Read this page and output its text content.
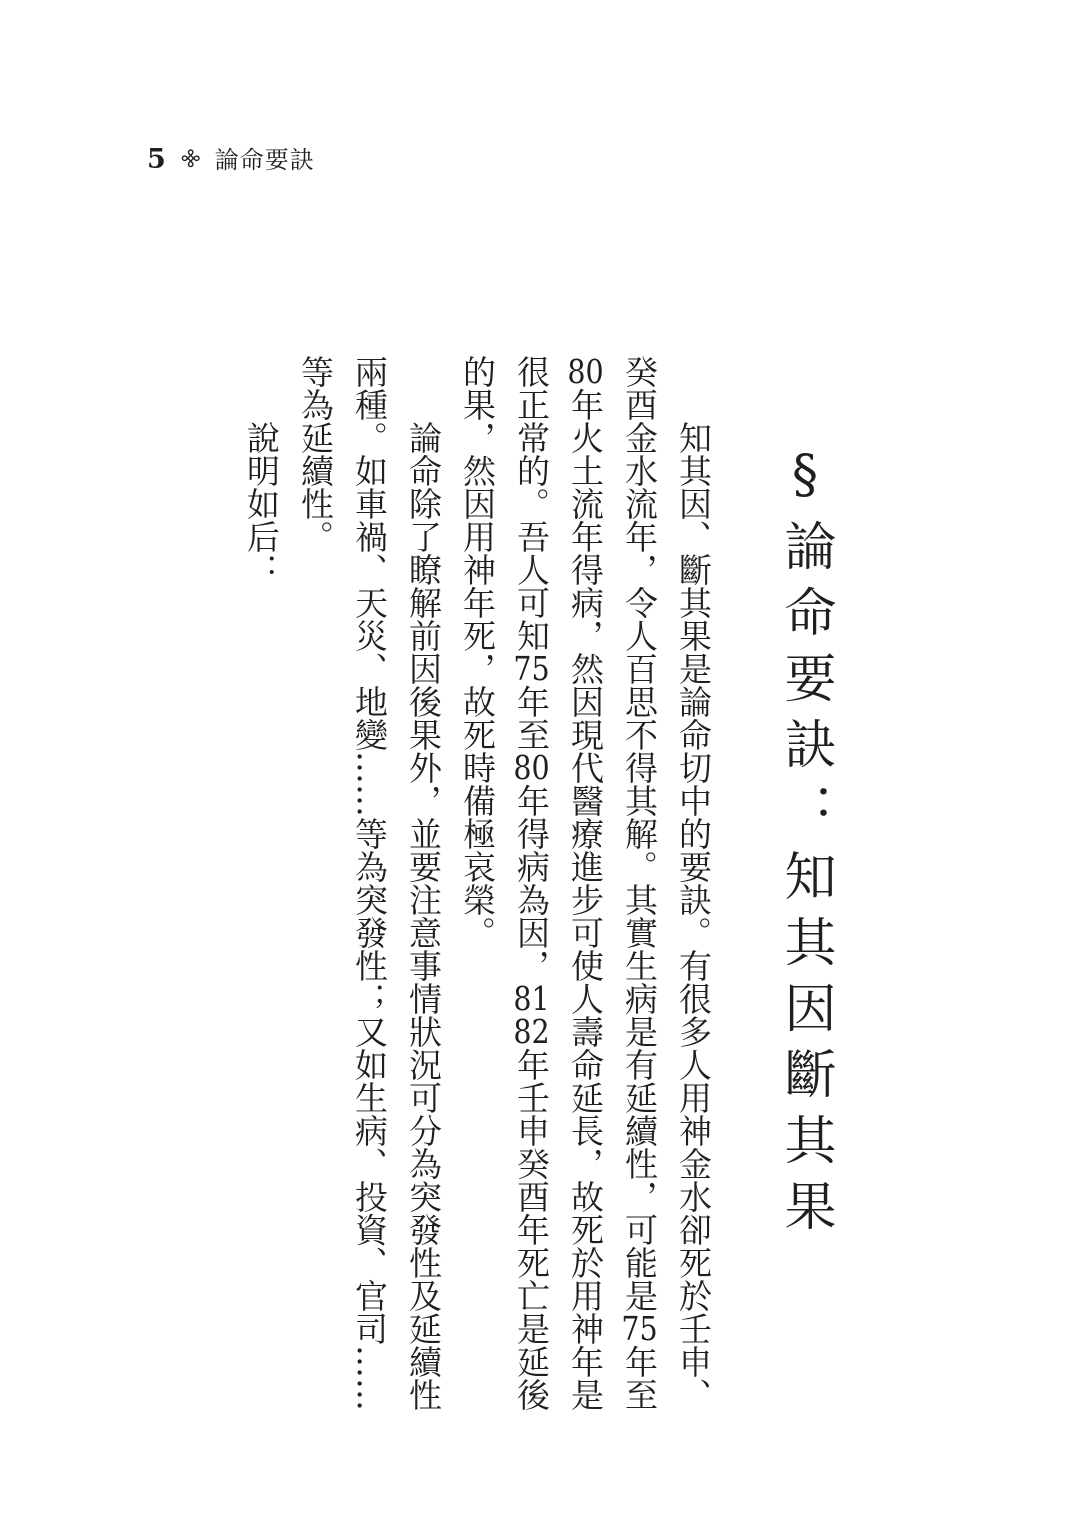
5 ⌘ 論命要訣
§論命要訣：知其因斷其果

知其因、斷其果是論命切中的要訣。有很多人用神金水卻死於壬申、癸酉金水流年，令人百思不得其解。其實生病是有延續性，可能是75年至80年火土流年得病，然因現代醫療進步可使人壽命延長，故死於用神年是很正常的。吾人可知75年至80年得病為因，8182年壬申癸酉年死亡是延後的果，然因用神年死，故死時備極哀榮。

論命除了瞭解前因後果外，並要注意事情狀況可分為突發性及延續性兩種。如車禍、天災、地變……等為突發性；又如生病、投資、官司……等為延續性。

說明如后：
